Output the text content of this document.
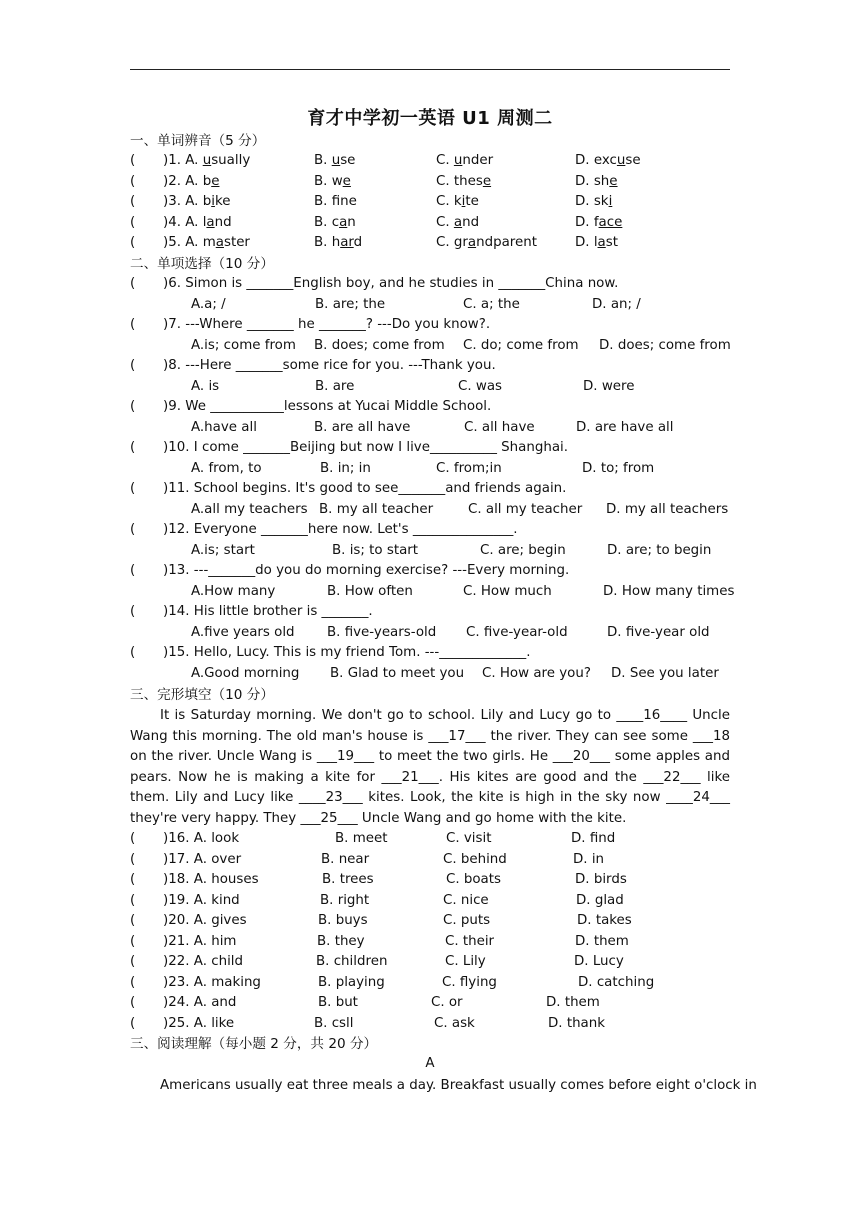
育才中学初一英语 U1 周测二
一、单词辨音（5 分）
( )1. A. usually	B. use	C. under	D. excuse
( )2. A. be	B. we	C. these	D. she
( )3. A. bike	B. fne	C. kite	D. ski
( )4. A. land	B. can	C. and	D. face
( )5. A. master	B. hard	C. grandparent	D. last
二、单项选择（10 分）
( )6. Simon is _______English boy, and he studies in _______China now.
A.a; /	B. are; the	C. a; the	D. an; /
( )7. ---Where _______ he _______? ---Do you know?.
A.is; come from B. does; come from C. do; come from D. does; come from
( )8. ---Here _______some rice for you. ---Thank you.
A. is	B. are	C. was	D. were
( )9. We ___________lessons at Yucai Middle School.
A.have all	B. are all have	C. all have	D. are have all
( )10. I come _______Beijing but now I live__________ Shanghai.
A. from, to	B. in; in	C. from;in	D. to; from
( )11. School begins. It's good to see_______and friends again.
A.all my teachers B. my all teacher	C. all my teacher D. my all teachers
( )12. Everyone _______here now. Let's _______________.
A.is; start	B. is; to start	C. are; begin	D. are; to begin
( )13. ---_______do you do morning exercise? ---Every morning.
A.How many	B. How often	C. How much	D. How many times
( )14. His little brother is _______.
A.five years old B. five-years-old C. five-year-old	D. five-year old
( )15. Hello, Lucy. This is my friend Tom. ---_____________.
A.Good morning B. Glad to meet you C. How are you? D. See you later
三、完形填空（10 分）
It is Saturday morning. We don't go to school. Lily and Lucy go to ____16____ Uncle Wang this morning. The old man's house is ___17___ the river. They can see some ___18 on the river. Uncle Wang is ___19___ to meet the two girls. He ___20___ some apples and pears. Now he is making a kite for ___21___. His kites are good and the ___22___ like them. Lily and Lucy like ____23___ kites. Look, the kite is high in the sky now ____24___ they're very happy. They ___25___ Uncle Wang and go home with the kite.
( )16. A. look	B. meet	C. visit	D. find
( )17. A. over	B. near	C. behind	D. in
( )18. A. houses	B. trees	C. boats	D. birds
( )19. A. kind	B. right	C. nice	D. glad
( )20. A. gives	B. buys	C. puts	D. takes
( )21. A. him	B. they	C. their	D. them
( )22. A. child	B. children	C. Lily	D. Lucy
( )23. A. making	B. playing	C. flying	D. catching
( )24. A. and	B. but	C. or	D. them
( )25. A. like	B. csll	C. ask	D. thank
三、阅读理解（每小题 2 分，共 20 分）
A
Americans usually eat three meals a day. Breakfast usually comes before eight o'clock in
